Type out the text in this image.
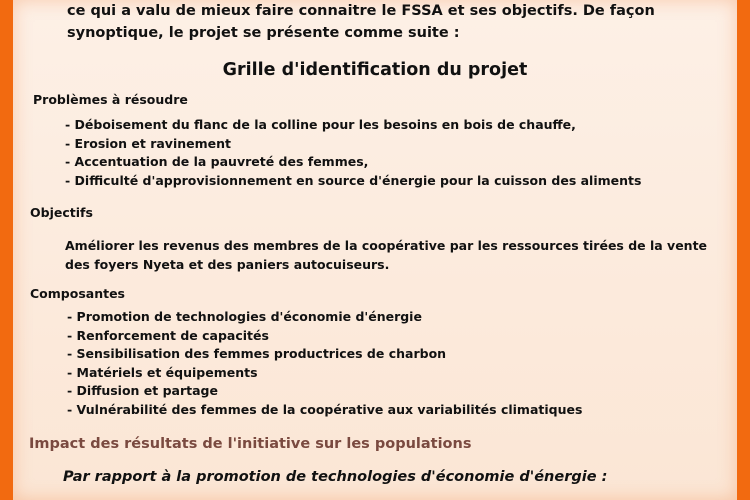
ce qui a valu de mieux faire connaitre le FSSA et ses objectifs. De façon synoptique, le projet se présente comme suite :
Grille d'identification du projet
Problèmes à résoudre
- Déboisement du flanc de la colline pour les besoins en bois de chauffe,
- Erosion et ravinement
- Accentuation de la pauvreté des femmes,
- Difficulté d'approvisionnement en source d'énergie pour la cuisson des aliments
Objectifs
Améliorer les revenus des membres de la coopérative par les ressources tirées de la vente des foyers Nyeta et des paniers autocuiseurs.
Composantes
- Promotion de technologies d'économie d'énergie
- Renforcement de capacités
- Sensibilisation des femmes productrices de charbon
- Matériels et équipements
- Diffusion et partage
- Vulnérabilité des femmes de la coopérative aux variabilités climatiques
Impact des résultats de l'initiative sur les populations
Par rapport à la promotion de technologies d'économie d'énergie :
